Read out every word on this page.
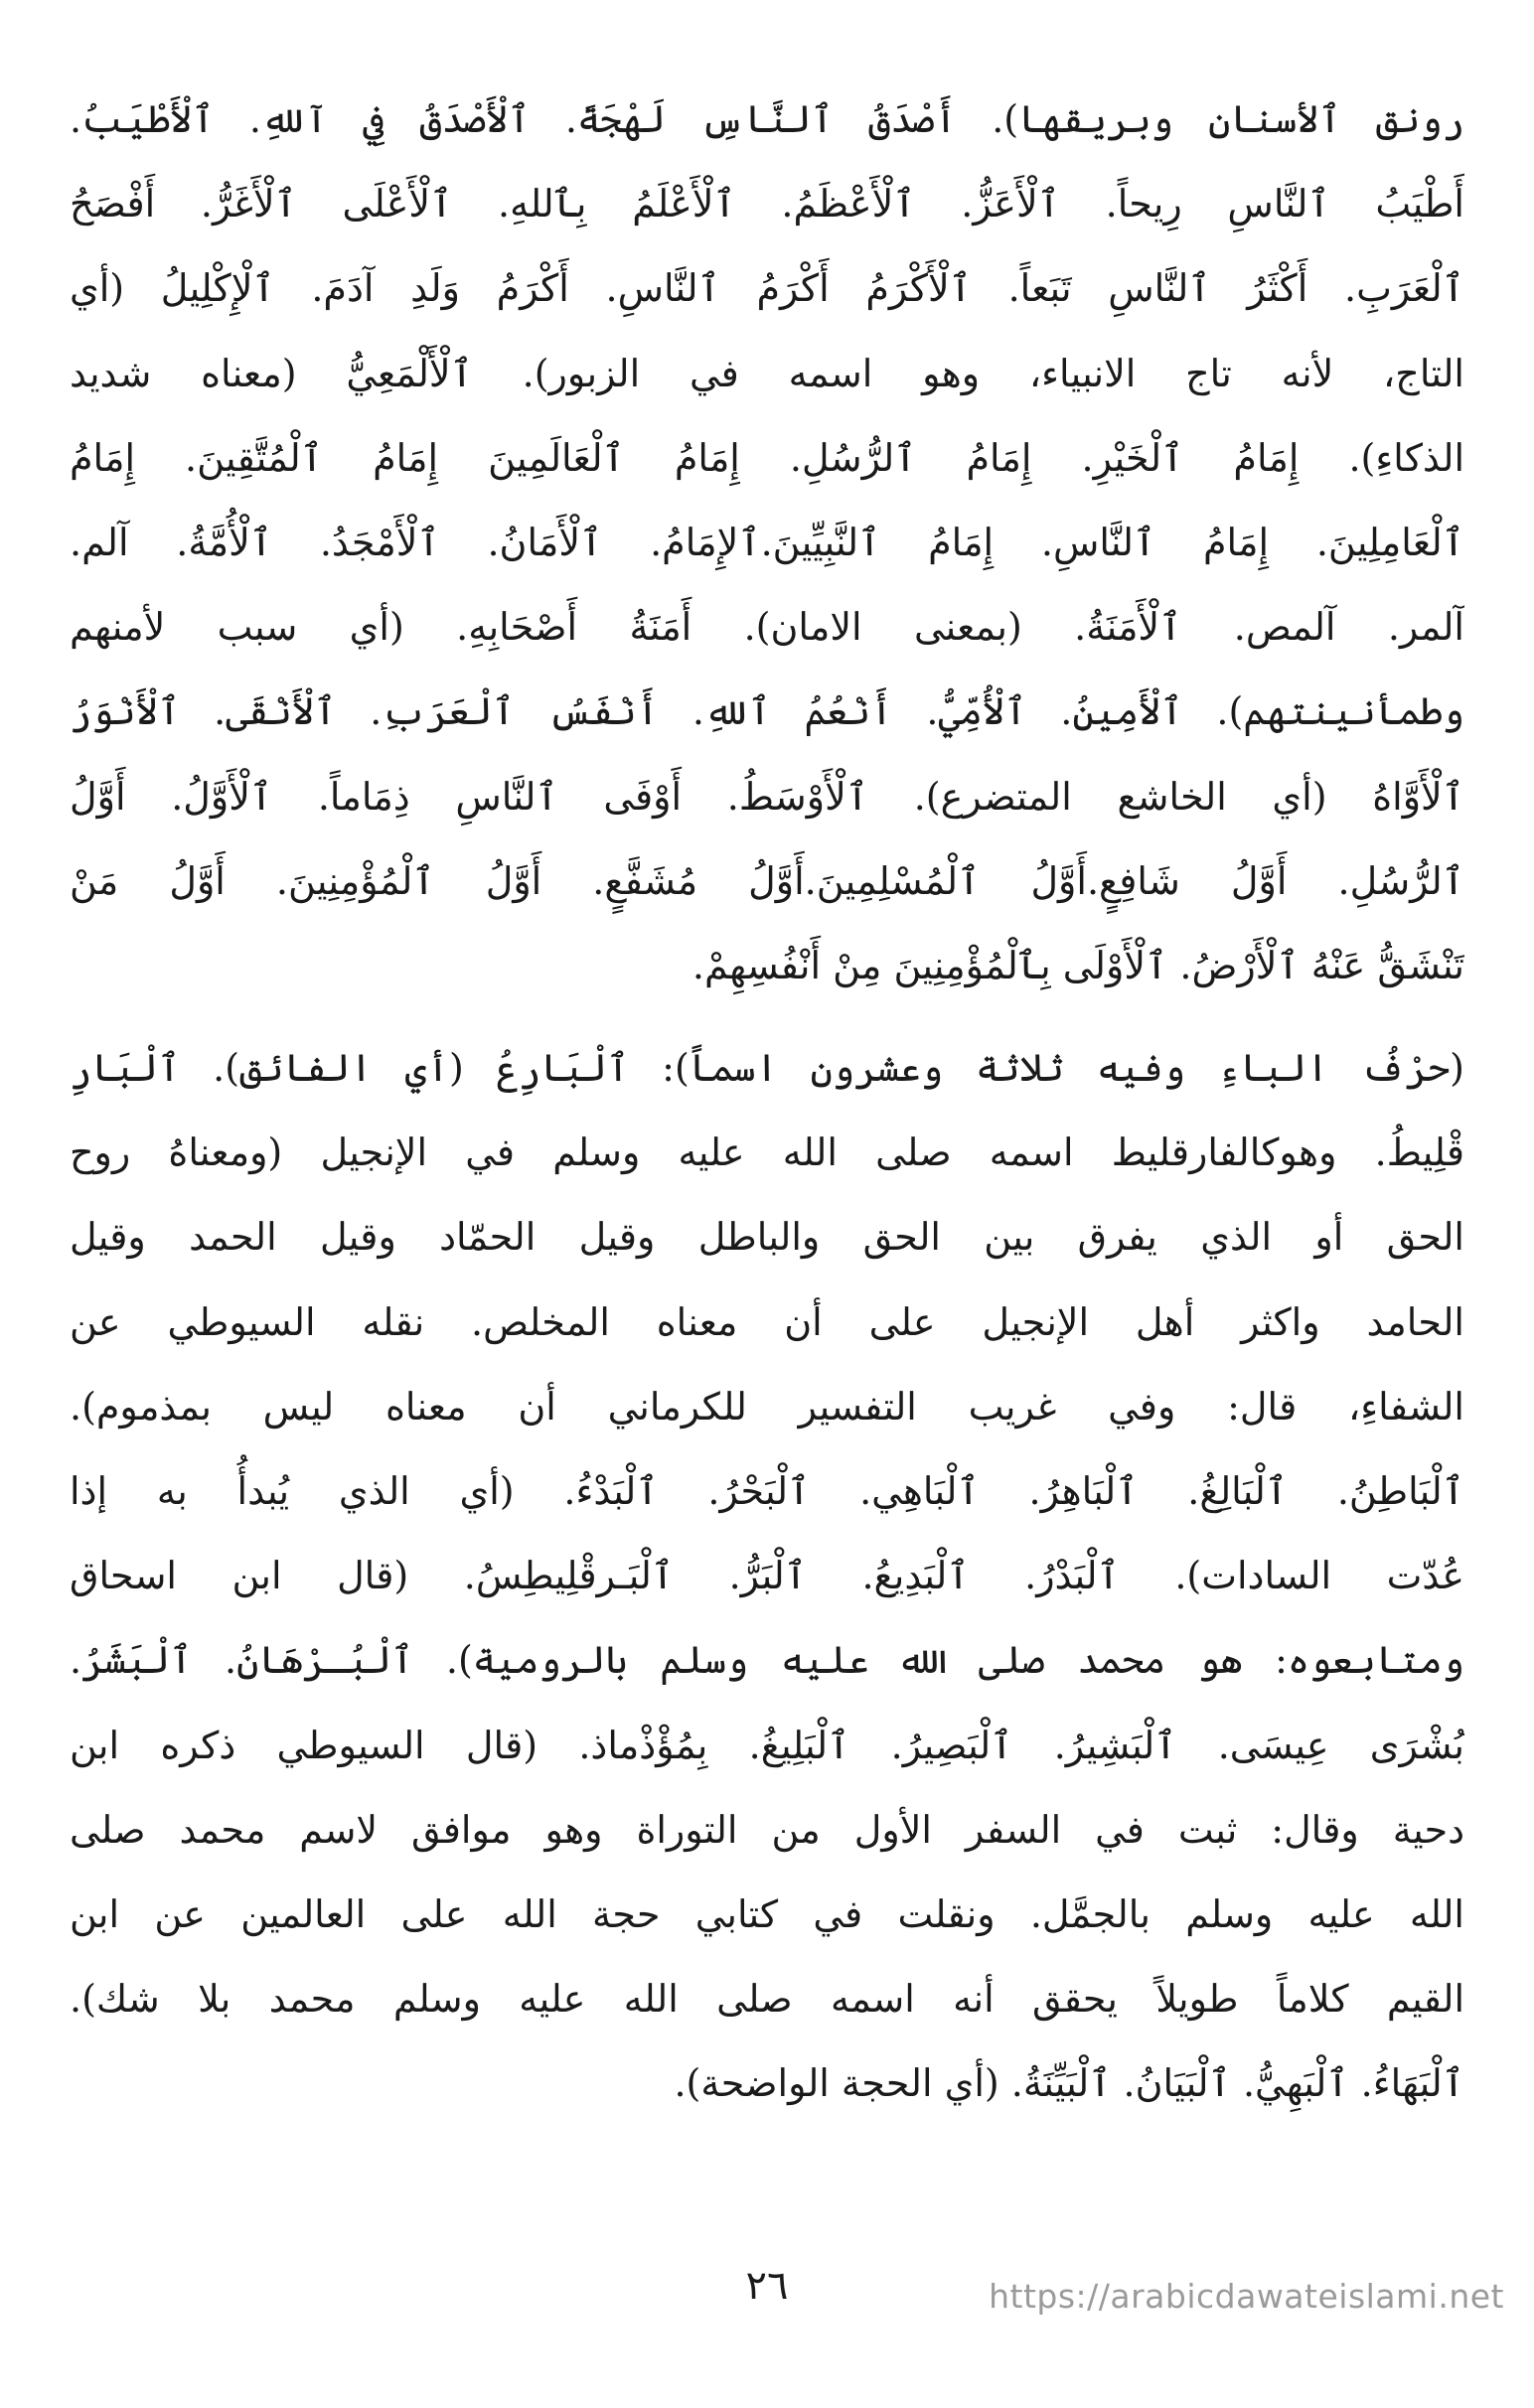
رونق ٱلأسنان وبريقها). أَصْدَقُ ٱلنَّاسِ لَهْجَةً. ٱلْأَصْدَقُ فِي آللهِ. ٱلْأَطْيَبُ.
أَطْيَبُ ٱلنَّاسِ رِيحاً. ٱلْأَعَزُّ. ٱلْأَعْظَمُ. ٱلْأَعْلَمُ بِٱللهِ. ٱلْأَعْلَى ٱلْأَغَرُّ. أَفْصَحُ
ٱلْعَرَبِ. أَكْثَرُ ٱلنَّاسِ تَبَعاً. ٱلْأَكْرَمُ أَكْرَمُ ٱلنَّاسِ. أَكْرَمُ وَلَدِ آدَمَ. ٱلْإِكْلِيلُ (أي
التاج، لأنه تاج الانبياء، وهو اسمه في الزبور). ٱلْأَلْمَعِيُّ (معناه شديد
الذكاءِ). إِمَامُ ٱلْخَيْرِ. إِمَامُ ٱلرُّسُلِ. إِمَامُ ٱلْعَالَمِينَ إِمَامُ ٱلْمُتَّقِينَ. إِمَامُ
ٱلْعَامِلِينَ. إِمَامُ ٱلنَّاسِ. إِمَامُ ٱلنَّبِيِّينَ.ٱلإِمَامُ. ٱلْأَمَانُ. ٱلْأَمْجَدُ. ٱلْأُمَّةُ. آلم.
آلمر. آلمص. ٱلْأَمَنَةُ. (بمعنى الامان). أَمَنَةُ أَصْحَابِهِ. (أي سبب لأمنهم
وطمأنينتهم). ٱلْأَمِينُ. ٱلْأُمِّيُّ. أَنْعُمُ ٱللهِ. أَنْفَسُ ٱلْعَرَبِ. ٱلْأَنْقَى. ٱلْأَنْوَرُ
ٱلْأَوَّاهُ (أي الخاشع المتضرع). ٱلْأَوْسَطُ. أَوْفَى ٱلنَّاسِ ذِمَاماً. ٱلْأَوَّلُ. أَوَّلُ
ٱلرُّسُلِ. أَوَّلُ شَافِعٍ.أَوَّلُ ٱلْمُسْلِمِينَ.أَوَّلُ مُشَفَّعٍ. أَوَّلُ ٱلْمُؤْمِنِينَ. أَوَّلُ مَنْ
تَنْشَقُّ عَنْهُ ٱلْأَرْضُ. ٱلْأَوْلَى بِٱلْمُؤْمِنِينَ مِنْ أَنْفُسِهِمْ.
(حرْفُ الباءِ وفيه ثلاثة وعشرون اسماً): ٱلْبَارِعُ (أي الفائق). ٱلْبَارِ
قْلِيطُ. وهوكالفارقليط اسمه صلى الله عليه وسلم في الإنجيل (ومعناهُ روح
الحق أو الذي يفرق بين الحق والباطل وقيل الحمّاد وقيل الحمد وقيل
الحامد واكثر أهل الإنجيل على أن معناه المخلص. نقله السيوطي عن
الشفاءِ، قال: وفي غريب التفسير للكرماني أن معناه ليس بمذموم).
ٱلْبَاطِنُ. ٱلْبَالِغُ. ٱلْبَاهِرُ. ٱلْبَاهِي. ٱلْبَحْرُ. ٱلْبَدْءُ. (أي الذي يُبدأُ به إذا
عُدّت السادات). ٱلْبَدْرُ. ٱلْبَدِيعُ. ٱلْبَرُّ. ٱلْبَـرقْلِيطِسُ. (قال ابن اسحاق
ومتابعوه: هو محمد صلى الله عليه وسلم بالرومية). ٱلْبُـرْهَانُ. ٱلْبَشَرُ.
بُشْرَى عِيسَى. ٱلْبَشِيرُ. ٱلْبَصِيرُ. ٱلْبَلِيغُ. بِمُؤْذْماذ. (قال السيوطي ذكره ابن
دحية وقال: ثبت في السفر الأول من التوراة وهو موافق لاسم محمد صلى
الله عليه وسلم بالجمَّل. ونقلت في كتابي حجة الله على العالمين عن ابن
القيم كلاماً طويلاً يحقق أنه اسمه صلى الله عليه وسلم محمد بلا شك).
ٱلْبَهَاءُ. ٱلْبَهِيُّ. ٱلْبَيَانُ. ٱلْبَيِّنَةُ. (أي الحجة الواضحة).
٢٦	https://arabicdawateislami.net
